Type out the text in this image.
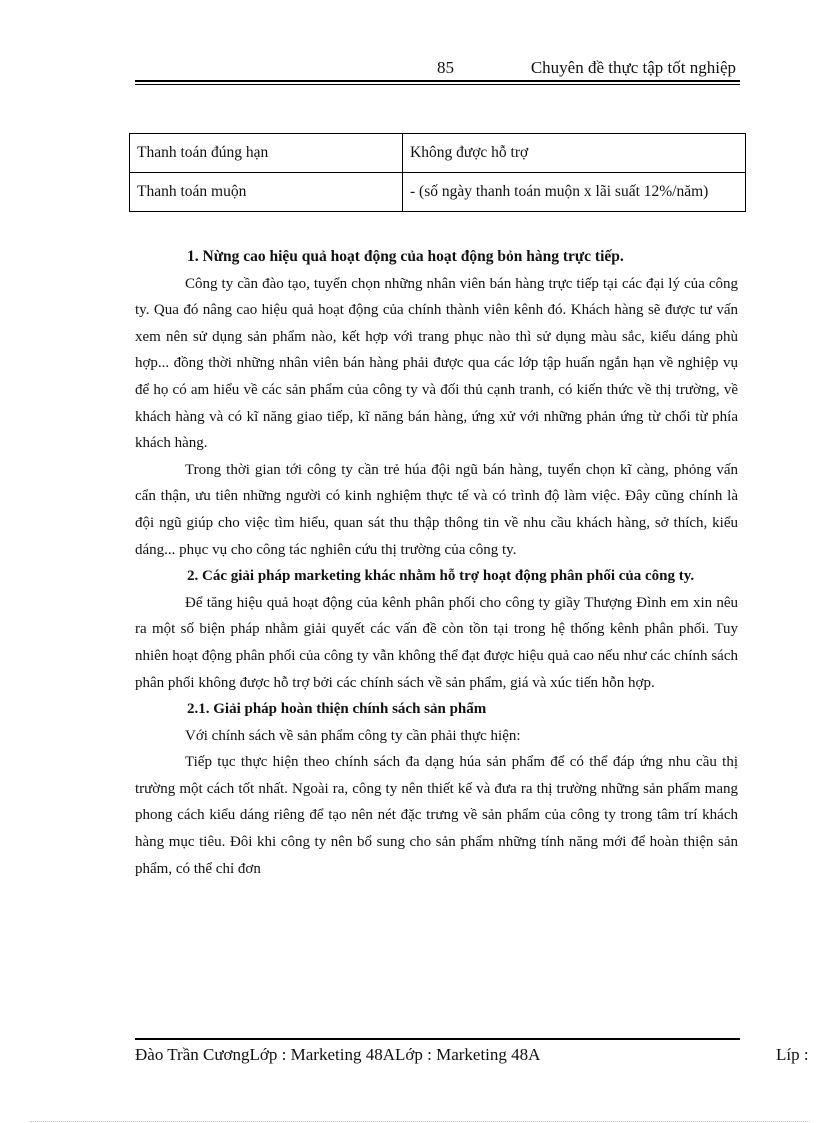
85	Chuyên đề thực tập tốt nghiệp
Thanh toán đúng hạn	Không được hỗ trợ
Thanh toán muộn	- (số ngày thanh toán muộn x lãi suất 12%/năm)

1. Nừng cao hiệu quả hoạt động của hoạt động bỏn hàng trực tiếp.

Công ty cần đào tạo, tuyển chọn những nhân viên bán hàng trực tiếp tại các đại lý của công ty. Qua đó nâng cao hiệu quả hoạt động của chính thành viên kênh đó. Khách hàng sẽ được tư vấn xem nên sử dụng sản phẩm nào, kết hợp với trang phục nào thì sử dụng màu sắc, kiểu dáng phù hợp... đồng thời những nhân viên bán hàng phải được qua các lớp tập huấn ngắn hạn về nghiệp vụ để họ có am hiểu về các sản phẩm của công ty và đối thủ cạnh tranh, có kiến thức về thị trường, về khách hàng và có kĩ năng giao tiếp, kĩ năng bán hàng, ứng xử với những phản ứng từ chối từ phía khách hàng.

Trong thời gian tới công ty cần trẻ húa đội ngũ bán hàng, tuyển chọn kĩ càng, phỏng vấn cẩn thận, ưu tiên những người có kinh nghiệm thực tế và có trình độ làm việc. Đây cũng chính là đội ngũ giúp cho việc tìm hiểu, quan sát thu thập thông tin về nhu cầu khách hàng, sở thích, kiểu dáng... phục vụ cho công tác nghiên cứu thị trường của công ty.

2. Các giải pháp marketing khác nhằm hỗ trợ hoạt động phân phối của công ty.

Để tăng hiệu quả hoạt động của kênh phân phối cho công ty giầy Thượng Đình em xin nêu ra một số biện pháp nhằm giải quyết các vấn đề còn tồn tại trong hệ thống kênh phân phối. Tuy nhiên hoạt động phân phối của công ty vẫn không thể đạt được hiệu quả cao nếu như các chính sách phân phối không được hỗ trợ bởi các chính sách về sản phẩm, giá và xúc tiến hỗn hợp.

2.1. Giải pháp hoàn thiện chính sách sản phẩm

Với chính sách về sản phẩm công ty cần phải thực hiện:

Tiếp tục thực hiện theo chính sách đa dạng húa sản phẩm để có thể đáp ứng nhu cầu thị trường một cách tốt nhất. Ngoài ra, công ty nên thiết kế và đưa ra thị trường những sản phẩm mang phong cách kiểu dáng riêng để tạo nên nét đặc trưng về sản phẩm của công ty trong tâm trí khách hàng mục tiêu. Đôi khi công ty nên bổ sung cho sản phẩm những tính năng mới để hoàn thiện sản phẩm, có thể chỉ đơn

Đào Trần CươngLớp : Marketing 48ALớp : Marketing 48A	Líp :
